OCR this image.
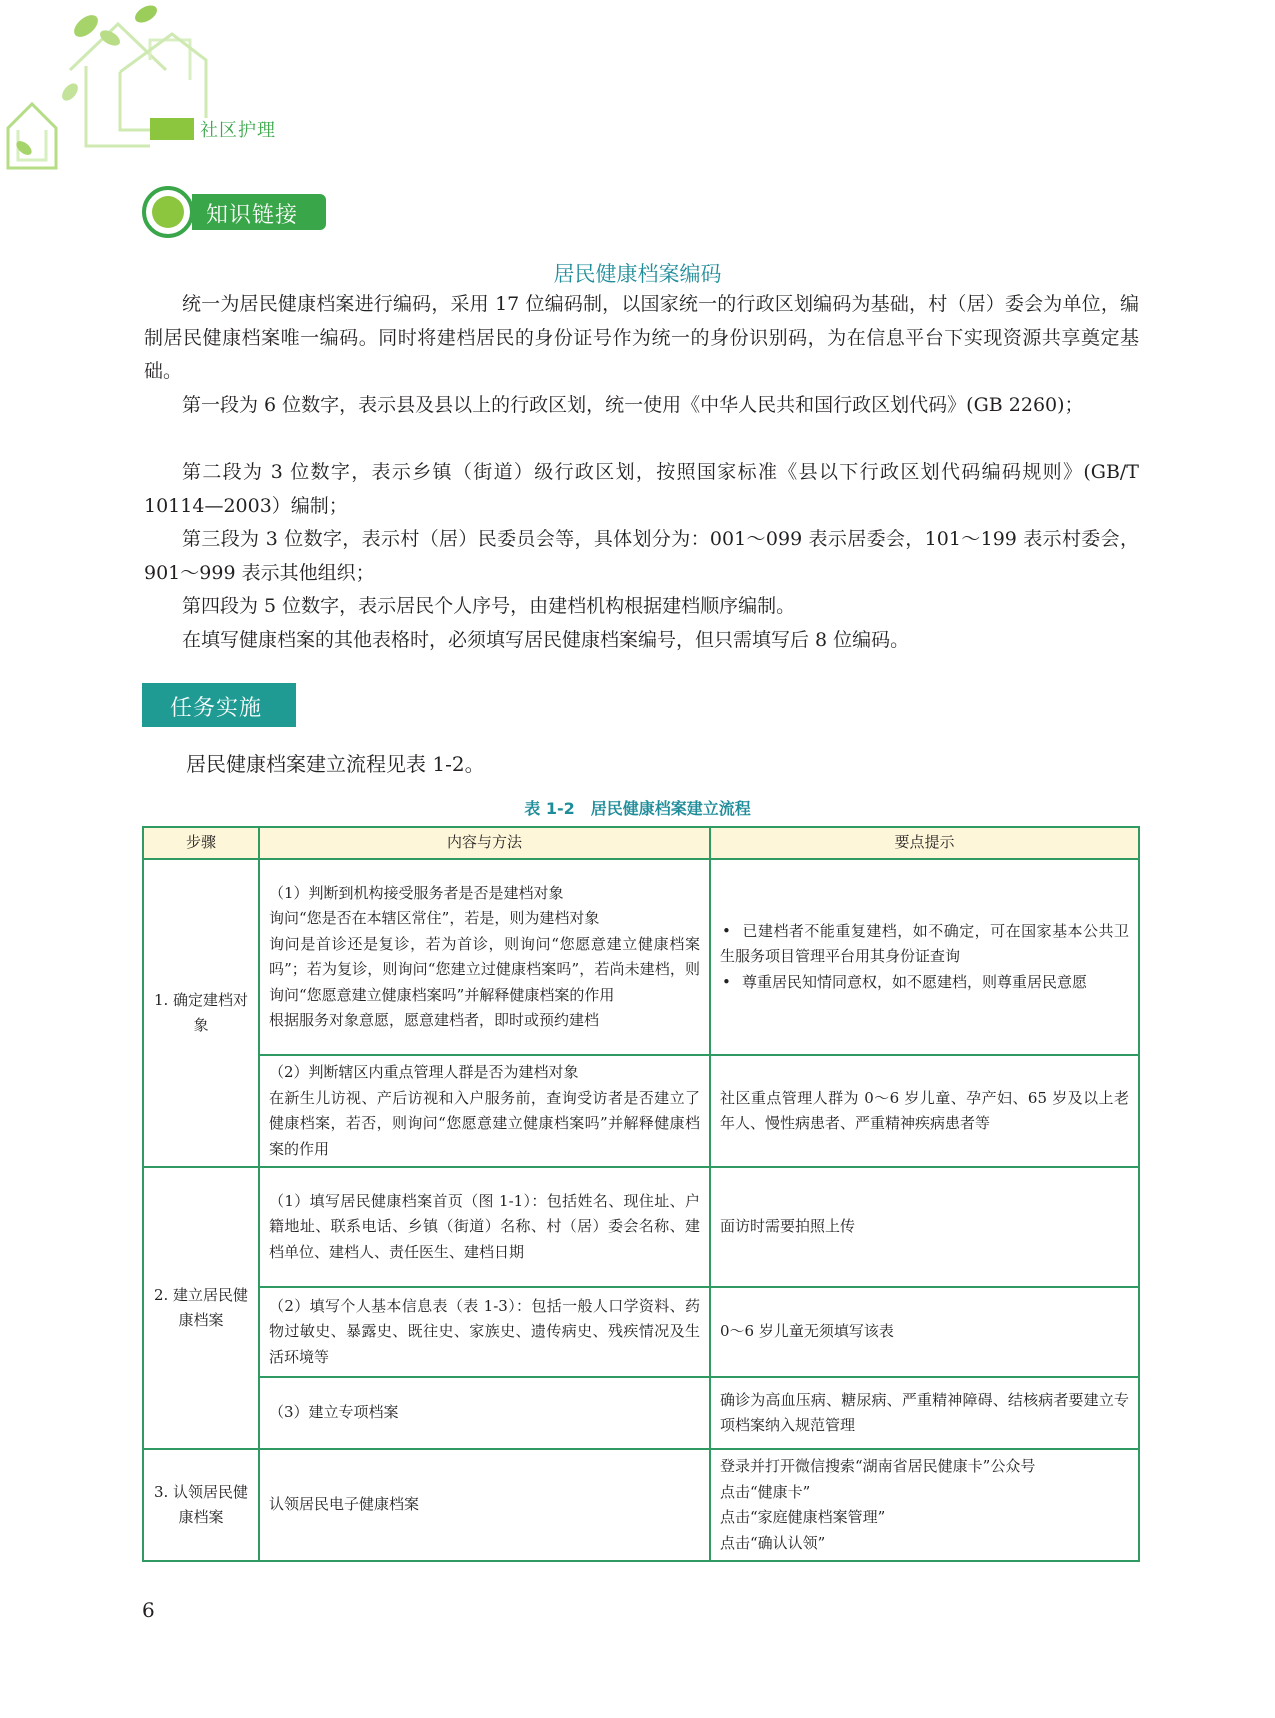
社区护理
知识链接
居民健康档案编码

统一为居民健康档案进行编码，采用 17 位编码制，以国家统一的行政区划编码为基础，村（居）委会为单位，编制居民健康档案唯一编码。同时将建档居民的身份证号作为统一的身份识别码，为在信息平台下实现资源共享奠定基础。

第一段为 6 位数字，表示县及县以上的行政区划，统一使用《中华人民共和国行政区划代码》(GB 2260)；

第二段为 3 位数字，表示乡镇（街道）级行政区划，按照国家标准《县以下行政区划代码编码规则》(GB/T 10114—2003）编制；

第三段为 3 位数字，表示村（居）民委员会等，具体划分为：001～099 表示居委会，101～199 表示村委会，901～999 表示其他组织；

第四段为 5 位数字，表示居民个人序号，由建档机构根据建档顺序编制。

在填写健康档案的其他表格时，必须填写居民健康档案编号，但只需填写后 8 位编码。

任务实施
居民健康档案建立流程见表 1-2。
表 1-2　居民健康档案建立流程
步骤	内容与方法	要点提示
1. 确定建档对象	（1）判断到机构接受服务者是否是建档对象
询问“您是否在本辖区常住”，若是，则为建档对象
询问是首诊还是复诊，若为首诊，则询问“您愿意建立健康档案吗”；若为复诊，则询问“您建立过健康档案吗”，若尚未建档，则询问“您愿意建立健康档案吗”并解释健康档案的作用
根据服务对象意愿，愿意建档者，即时或预约建档	• 已建档者不能重复建档，如不确定，可在国家基本公共卫生服务项目管理平台用其身份证查询
• 尊重居民知情同意权，如不愿建档，则尊重居民意愿

	（2）判断辖区内重点管理人群是否为建档对象
在新生儿访视、产后访视和入户服务前，查询受访者是否建立了健康档案，若否，则询问“您愿意建立健康档案吗”并解释健康档案的作用	社区重点管理人群为 0～6 岁儿童、孕产妇、65 岁及以上老年人、慢性病患者、严重精神疾病患者等
2. 建立居民健康档案	（1）填写居民健康档案首页（图 1-1）：包括姓名、现住址、户籍地址、联系电话、乡镇（街道）名称、村（居）委会名称、建档单位、建档人、责任医生、建档日期	面访时需要拍照上传
	（2）填写个人基本信息表（表 1-3）：包括一般人口学资料、药物过敏史、暴露史、既往史、家族史、遗传病史、残疾情况及生活环境等	0～6 岁儿童无须填写该表
	（3）建立专项档案	确诊为高血压病、糖尿病、严重精神障碍、结核病者要建立专项档案纳入规范管理
3. 认领居民健康档案	认领居民电子健康档案	登录并打开微信搜索“湖南省居民健康卡”公众号
点击“健康卡”
点击“家庭健康档案管理”
点击“确认认领”
6
